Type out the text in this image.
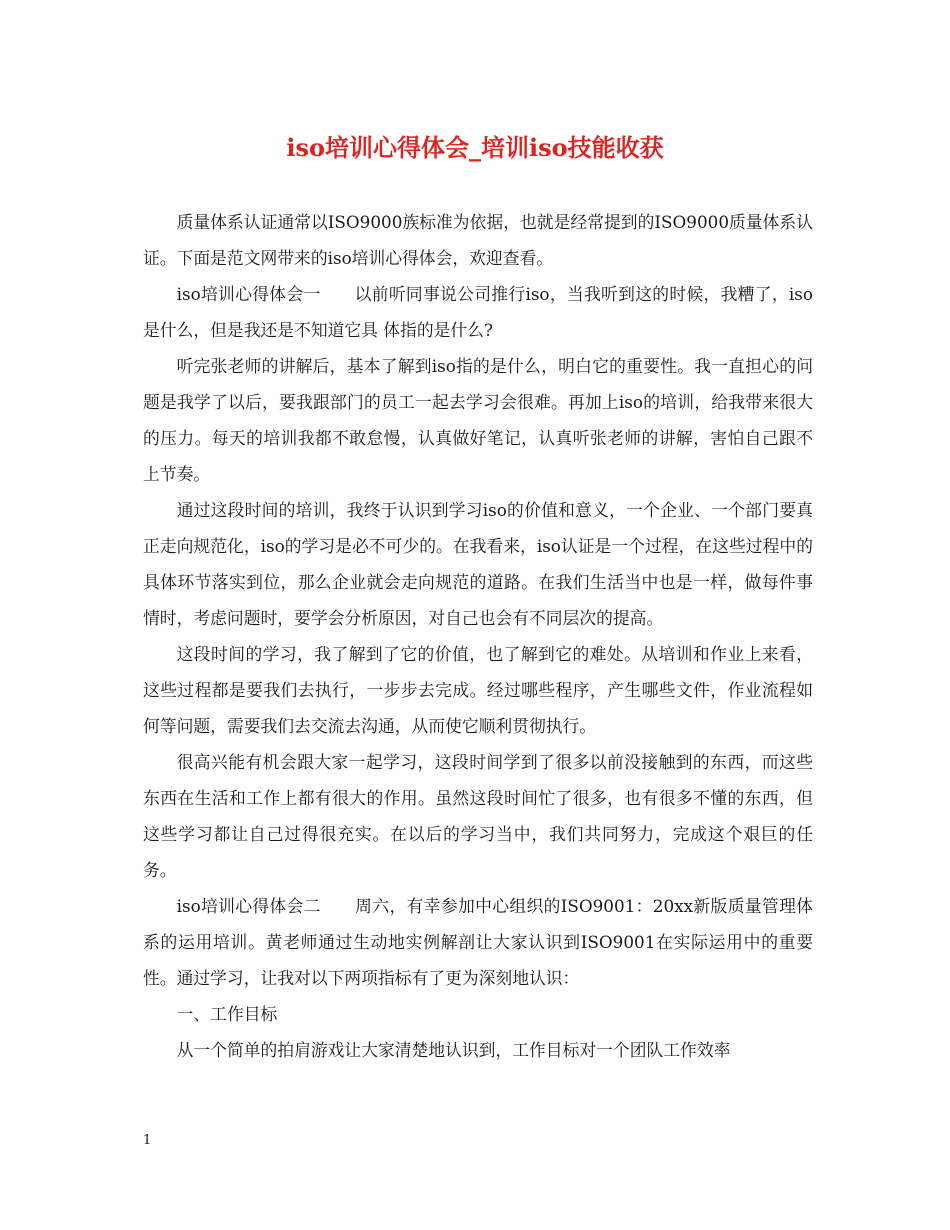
iso培训心得体会_培训iso技能收获

质量体系认证通常以ISO9000族标准为依据，也就是经常提到的ISO9000质量体系认证。下面是范文网带来的iso培训心得体会，欢迎查看。

iso培训心得体会一　　以前听同事说公司推行iso，当我听到这的时候，我糟了，iso是什么，但是我还是不知道它具 体指的是什么?

听完张老师的讲解后，基本了解到iso指的是什么，明白它的重要性。我一直担心的问题是我学了以后，要我跟部门的员工一起去学习会很难。再加上iso的培训，给我带来很大的压力。每天的培训我都不敢怠慢，认真做好笔记，认真听张老师的讲解，害怕自己跟不上节奏。

通过这段时间的培训，我终于认识到学习iso的价值和意义，一个企业、一个部门要真正走向规范化，iso的学习是必不可少的。在我看来，iso认证是一个过程，在这些过程中的具体环节落实到位，那么企业就会走向规范的道路。在我们生活当中也是一样，做每件事情时，考虑问题时，要学会分析原因，对自己也会有不同层次的提高。

这段时间的学习，我了解到了它的价值，也了解到它的难处。从培训和作业上来看，这些过程都是要我们去执行，一步步去完成。经过哪些程序，产生哪些文件，作业流程如何等问题，需要我们去交流去沟通，从而使它顺利贯彻执行。

很高兴能有机会跟大家一起学习，这段时间学到了很多以前没接触到的东西，而这些东西在生活和工作上都有很大的作用。虽然这段时间忙了很多，也有很多不懂的东西，但这些学习都让自己过得很充实。在以后的学习当中，我们共同努力，完成这个艰巨的任务。

iso培训心得体会二　　周六，有幸参加中心组织的ISO9001：20xx新版质量管理体系的运用培训。黄老师通过生动地实例解剖让大家认识到ISO9001在实际运用中的重要性。通过学习，让我对以下两项指标有了更为深刻地认识：

一、工作目标

从一个简单的拍肩游戏让大家清楚地认识到，工作目标对一个团队工作效率

1
